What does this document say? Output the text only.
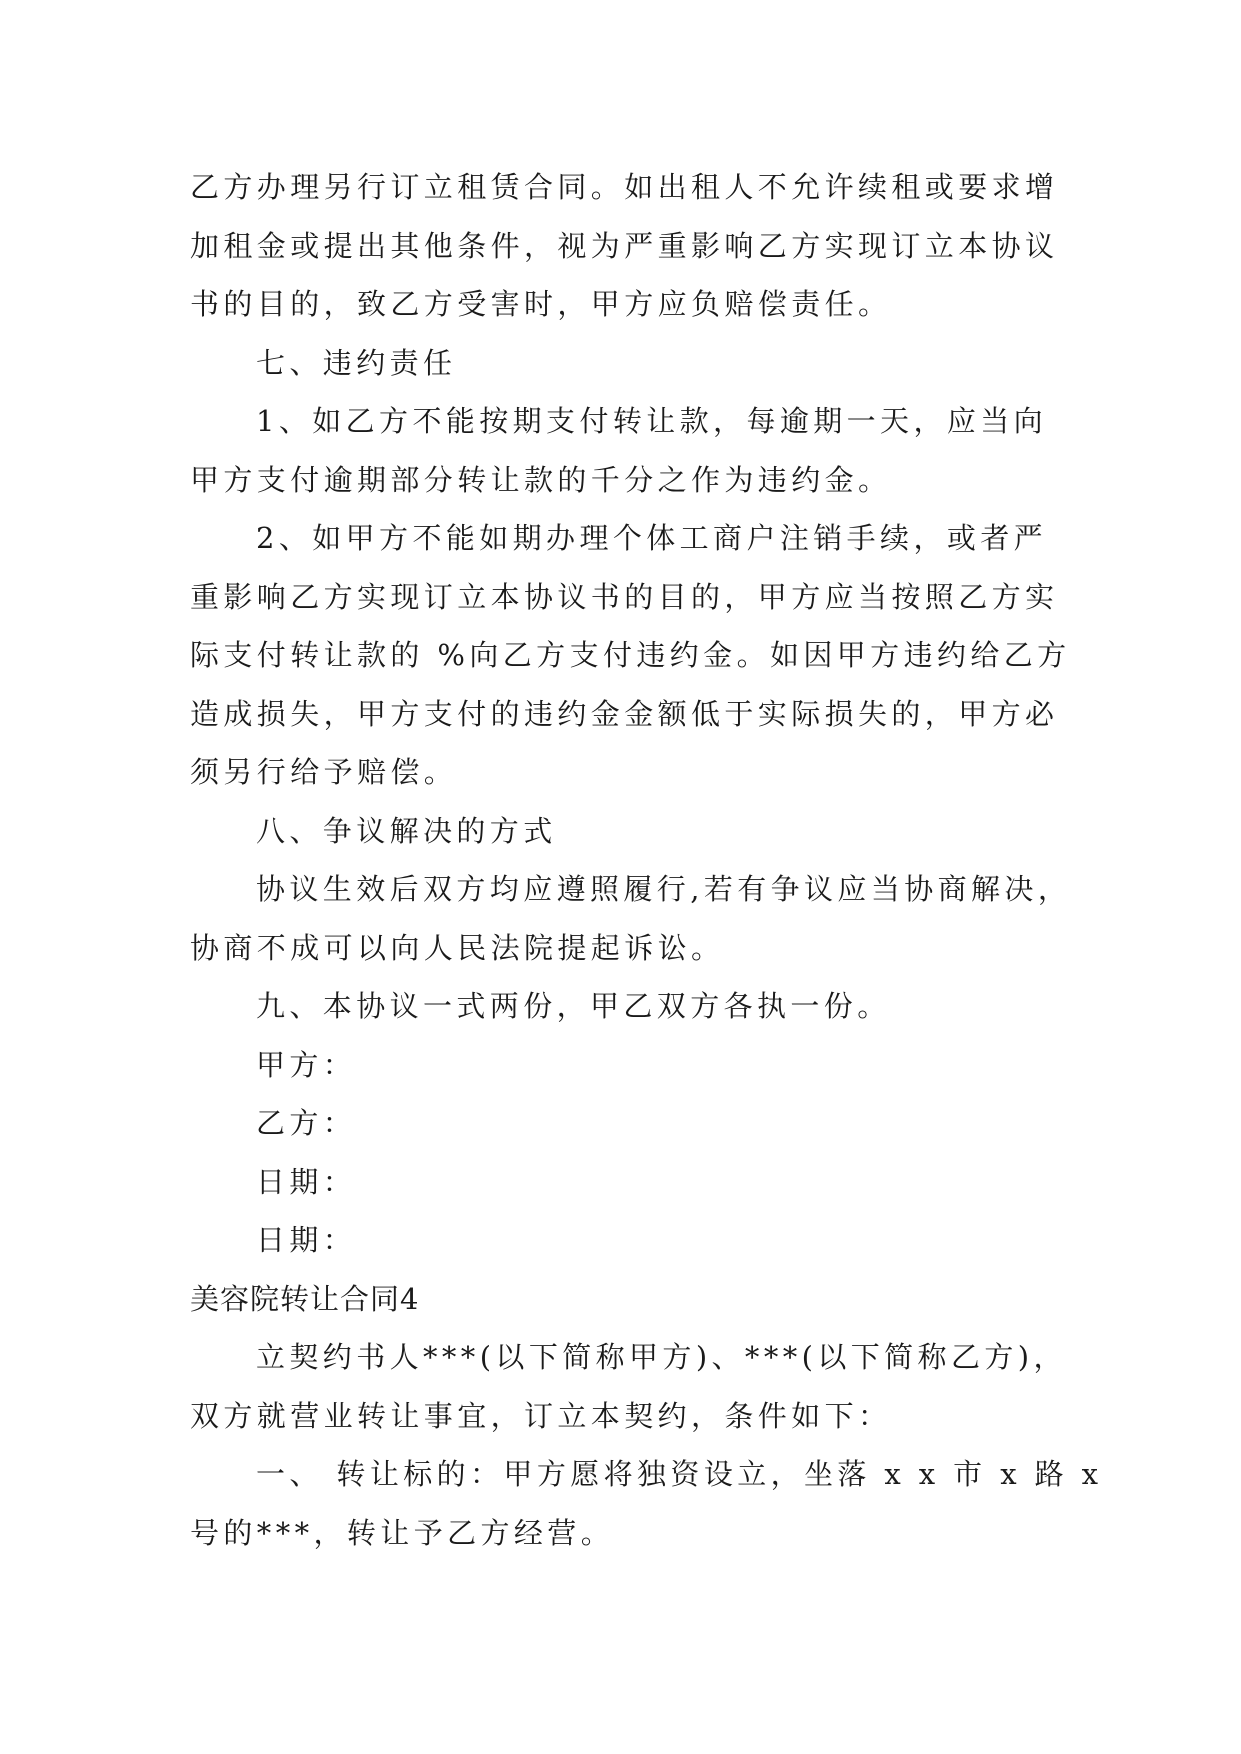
乙方办理另行订立租赁合同。如出租人不允许续租或要求增
加租金或提出其他条件，视为严重影响乙方实现订立本协议
书的目的，致乙方受害时，甲方应负赔偿责任。
七、违约责任
1、如乙方不能按期支付转让款，每逾期一天，应当向
甲方支付逾期部分转让款的千分之作为违约金。
2、如甲方不能如期办理个体工商户注销手续，或者严
重影响乙方实现订立本协议书的目的，甲方应当按照乙方实
际支付转让款的 %向乙方支付违约金。如因甲方违约给乙方
造成损失，甲方支付的违约金金额低于实际损失的，甲方必
须另行给予赔偿。
八、争议解决的方式
协议生效后双方均应遵照履行,若有争议应当协商解决，
协商不成可以向人民法院提起诉讼。
九、本协议一式两份，甲乙双方各执一份。
甲方：
乙方：
日期：
日期：
美容院转让合同4
立契约书人***(以下简称甲方)、***(以下简称乙方)，
双方就营业转让事宜，订立本契约，条件如下：
一、 转让标的：甲方愿将独资设立，坐落 x x 市 x 路 x
号的***，转让予乙方经营。
